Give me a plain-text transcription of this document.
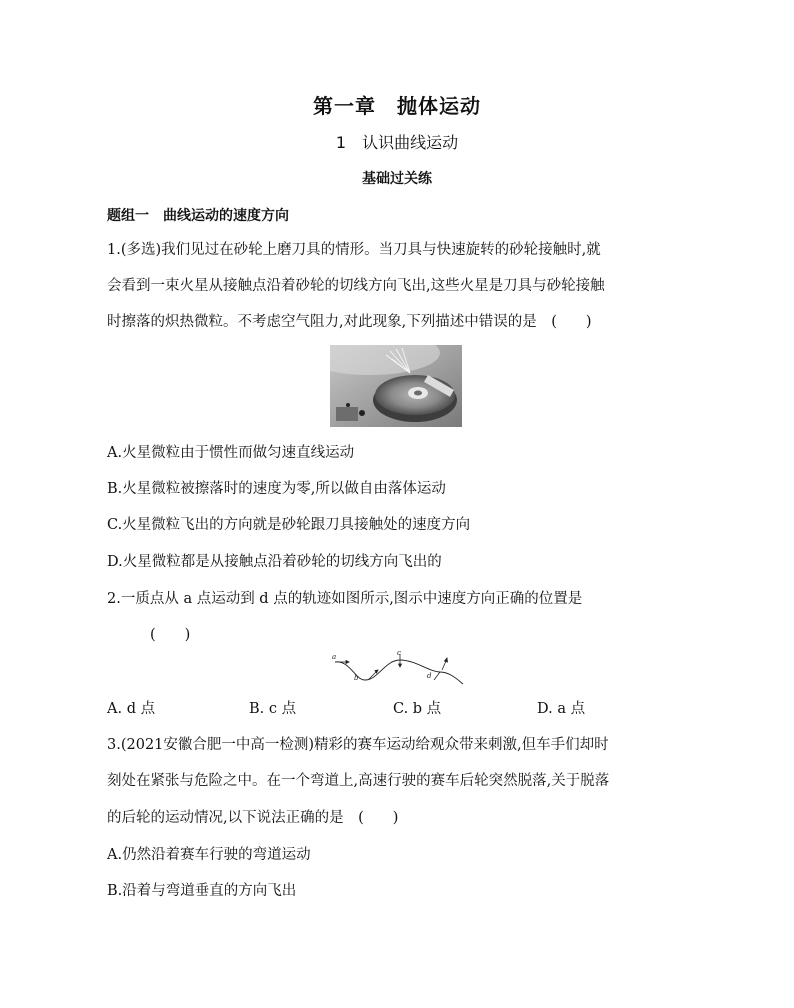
第一章　抛体运动
1　认识曲线运动
基础过关练
题组一　曲线运动的速度方向
1.(多选)我们见过在砂轮上磨刀具的情形。当刀具与快速旋转的砂轮接触时,就
会看到一束火星从接触点沿着砂轮的切线方向飞出,这些火星是刀具与砂轮接触
时擦落的炽热微粒。不考虑空气阻力,对此现象,下列描述中错误的是　(　　)
A.火星微粒由于惯性而做匀速直线运动
B.火星微粒被擦落时的速度为零,所以做自由落体运动
C.火星微粒飞出的方向就是砂轮跟刀具接触处的速度方向
D.火星微粒都是从接触点沿着砂轮的切线方向飞出的
2.一质点从 a 点运动到 d 点的轨迹如图所示,图示中速度方向正确的位置是
(　　)
a
b
c
d
A. d 点	B. c 点	C. b 点	D. a 点
3.(2021安徽合肥一中高一检测)精彩的赛车运动给观众带来刺激,但车手们却时
刻处在紧张与危险之中。在一个弯道上,高速行驶的赛车后轮突然脱落,关于脱落
的后轮的运动情况,以下说法正确的是　(　　)
A.仍然沿着赛车行驶的弯道运动
B.沿着与弯道垂直的方向飞出
